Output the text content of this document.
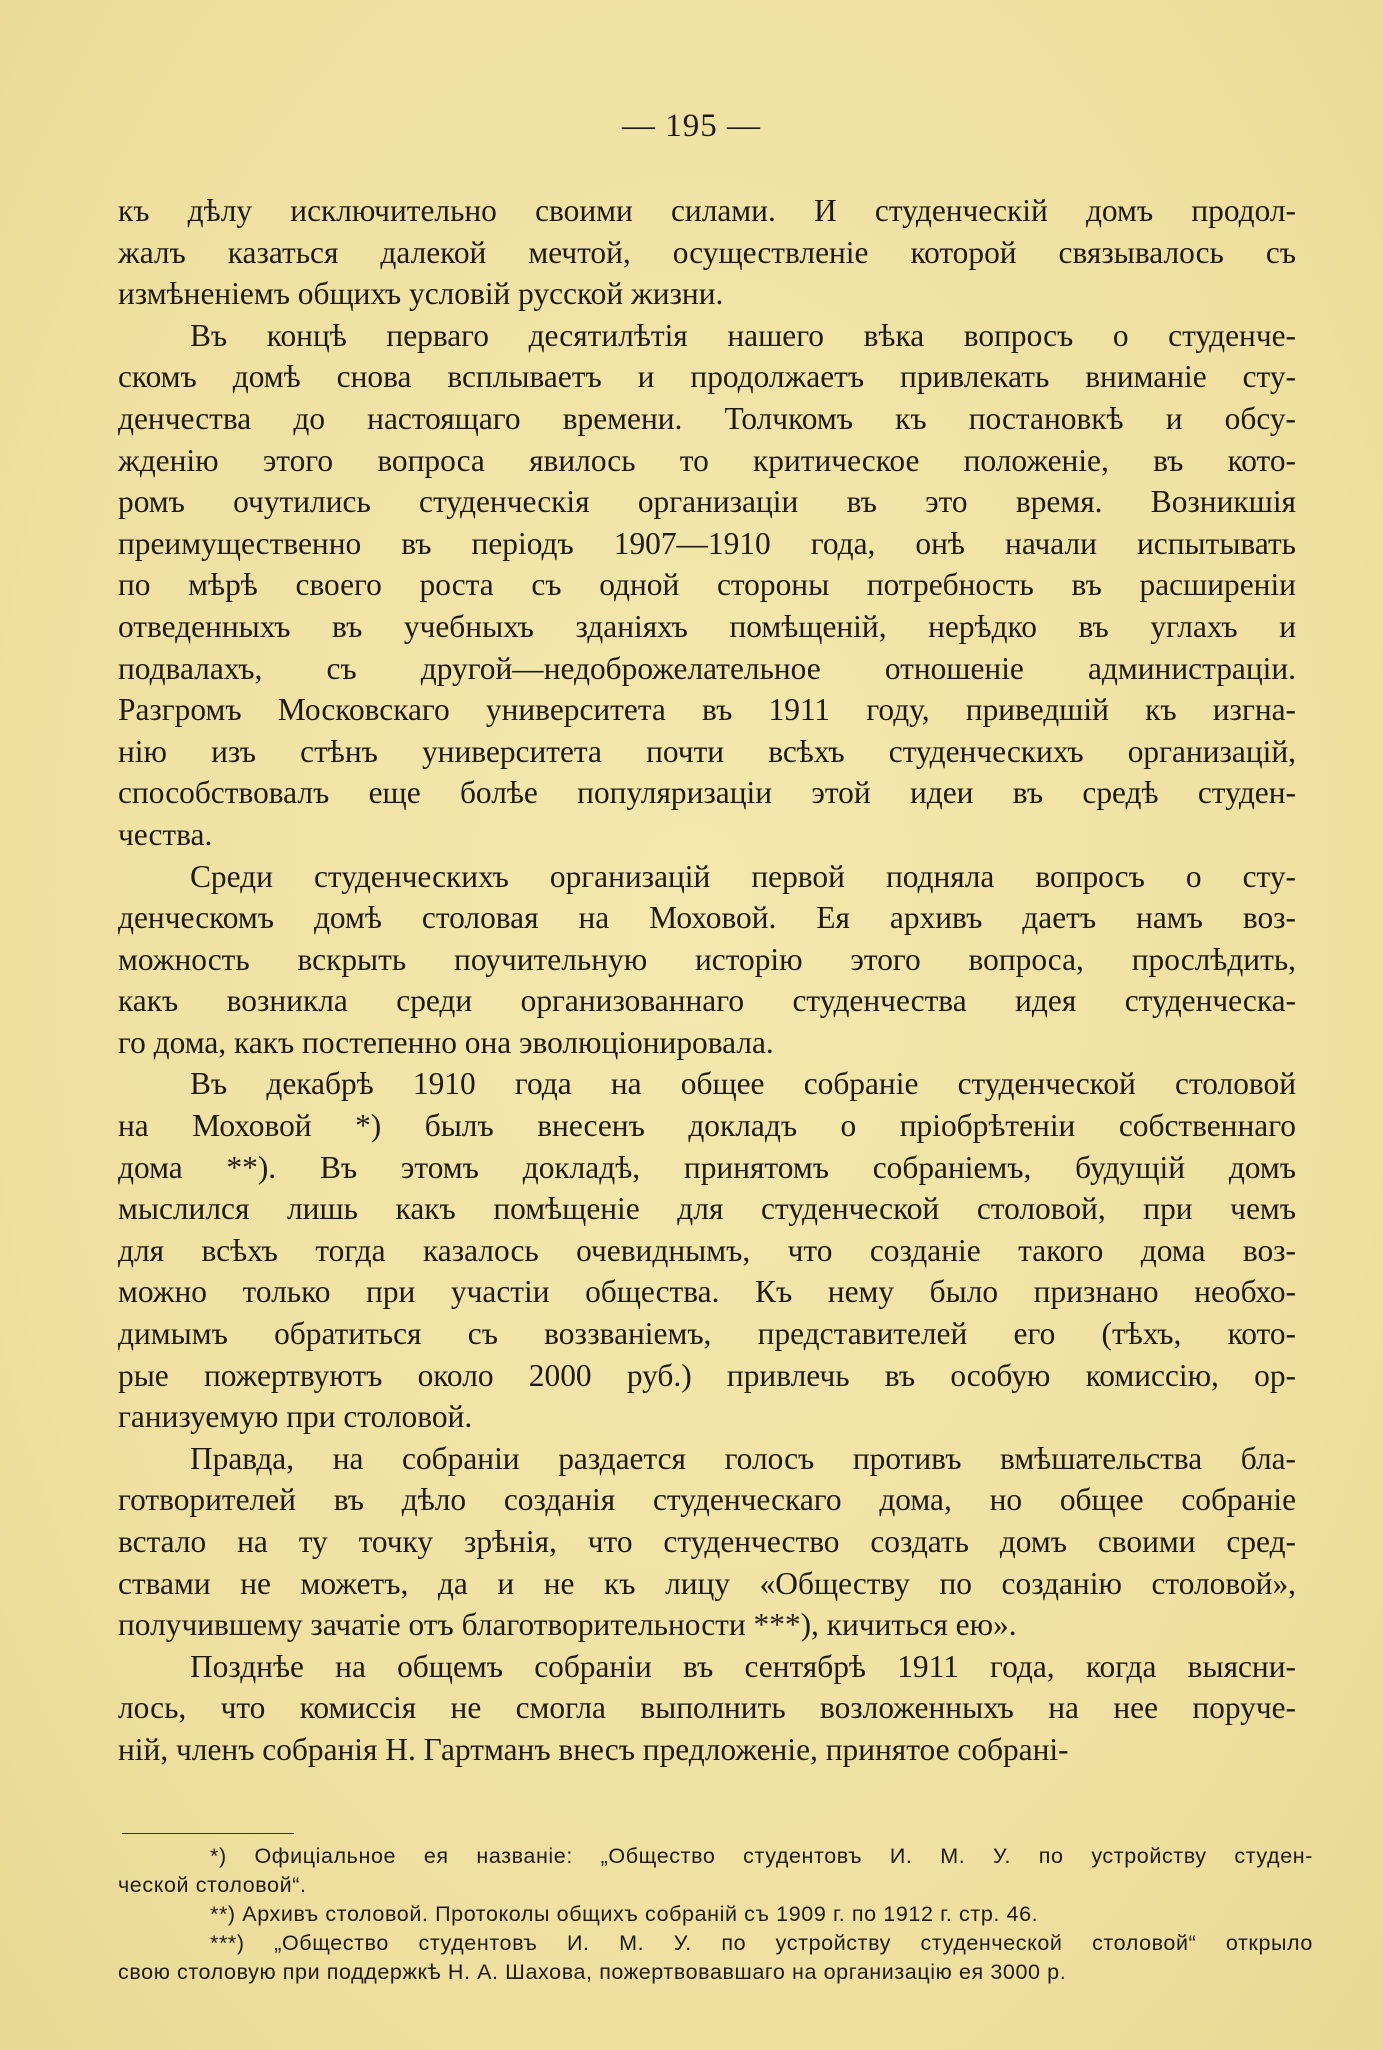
— 195 —
къ дѣлу исключительно своими силами. И студенческій домъ продол-
жалъ казаться далекой мечтой, осуществленіе которой связывалось съ
измѣненіемъ общихъ условій русской жизни.
Въ концѣ перваго десятилѣтія нашего вѣка вопросъ о студенче-
скомъ домѣ снова всплываетъ и продолжаетъ привлекать вниманіе сту-
денчества до настоящаго времени. Толчкомъ къ постановкѣ и обсу-
жденію этого вопроса явилось то критическое положеніе, въ кото-
ромъ очутились студенческія организаціи въ это время. Возникшія
преимущественно въ періодъ 1907—1910 года, онѣ начали испытывать
по мѣрѣ своего роста съ одной стороны потребность въ расширеніи
отведенныхъ въ учебныхъ зданіяхъ помѣщеній, нерѣдко въ углахъ и
подвалахъ, съ другой—недоброжелательное отношеніе администраціи.
Разгромъ Московскаго университета въ 1911 году, приведшій къ изгна-
нію изъ стѣнъ университета почти всѣхъ студенческихъ организацій,
способствовалъ еще болѣе популяризаціи этой идеи въ средѣ студен-
чества.
Среди студенческихъ организацій первой подняла вопросъ о сту-
денческомъ домѣ столовая на Моховой. Ея архивъ даетъ намъ воз-
можность вскрыть поучительную исторію этого вопроса, прослѣдить,
какъ возникла среди организованнаго студенчества идея студенческа-
го дома, какъ постепенно она эволюціонировала.
Въ декабрѣ 1910 года на общее собраніе студенческой столовой
на Моховой *) былъ внесенъ докладъ о пріобрѣтеніи собственнаго
дома **). Въ этомъ докладѣ, принятомъ собраніемъ, будущій домъ
мыслился лишь какъ помѣщеніе для студенческой столовой, при чемъ
для всѣхъ тогда казалось очевиднымъ, что созданіе такого дома воз-
можно только при участіи общества. Къ нему было признано необхо-
димымъ обратиться съ воззваніемъ, представителей его (тѣхъ, кото-
рые пожертвуютъ около 2000 руб.) привлечь въ особую комиссію, ор-
ганизуемую при столовой.
Правда, на собраніи раздается голосъ противъ вмѣшательства бла-
готворителей въ дѣло созданія студенческаго дома, но общее собраніе
встало на ту точку зрѣнія, что студенчество создать домъ своими сред-
ствами не можетъ, да и не къ лицу «Обществу по созданію столовой»,
получившему зачатіе отъ благотворительности ***), кичиться ею».
Позднѣе на общемъ собраніи въ сентябрѣ 1911 года, когда выясни-
лось, что комиссія не смогла выполнить возложенныхъ на нее поруче-
ній, членъ собранія Н. Гартманъ внесъ предложеніе, принятое собрані-
*) Офиціальное ея названіе: „Общество студентовъ И. М. У. по устройству студен-
ческой столовой“.
**) Архивъ столовой. Протоколы общихъ собраній съ 1909 г. по 1912 г. стр. 46.
***) „Общество студентовъ И. М. У. по устройству студенческой столовой“ открыло
свою столовую при поддержкѣ Н. А. Шахова, пожертвовавшаго на организацію ея 3000 р.
